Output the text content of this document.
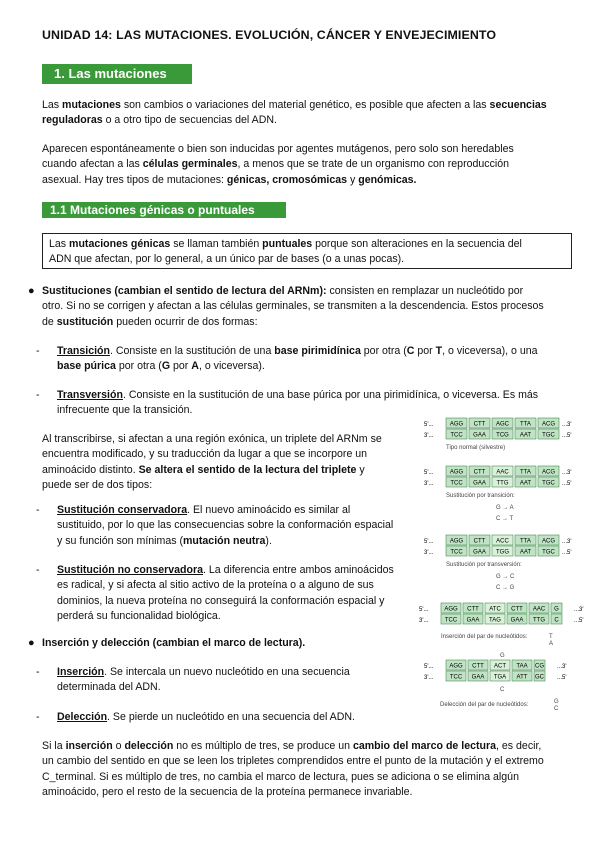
UNIDAD 14: LAS MUTACIONES. EVOLUCIÓN, CÁNCER Y ENVEJECIMIENTO
1. Las mutaciones
Las mutaciones son cambios o variaciones del material genético, es posible que afecten a las secuencias
reguladoras o a otro tipo de secuencias del ADN.
Aparecen espontáneamente o bien son inducidas por agentes mutágenos, pero solo son heredables
cuando afectan a las células germinales, a menos que se trate de un organismo con reproducción
asexual. Hay tres tipos de mutaciones: génicas, cromosómicas y genómicas.
1.1 Mutaciones génicas o puntuales
Las mutaciones génicas se llaman también puntuales porque son alteraciones en la secuencia del
ADN que afectan, por lo general, a un único par de bases (o a unas pocas).
● Sustituciones (cambian el sentido de lectura del ARNm): consisten en remplazar un nucleótido por
otro. Si no se corrigen y afectan a las células germinales, se transmiten a la descendencia. Estos procesos
de sustitución pueden ocurrir de dos formas:
- Transición. Consiste en la sustitución de una base pirimidínica por otra (C por T, o viceversa), o una
base púrica por otra (G por A, o viceversa).
- Transversión. Consiste en la sustitución de una base púrica por una pirimidínica, o viceversa. Es más
infrecuente que la transición.
Al transcribirse, si afectan a una región exónica, un triplete del ARNm se
encuentra modificado, y su traducción da lugar a que se incorpore un
aminoácido distinto. Se altera el sentido de la lectura del triplete y
puede ser de dos tipos:
- Sustitución conservadora. El nuevo aminoácido es similar al
sustituido, por lo que las consecuencias sobre la conformación espacial
y su función son mínimas (mutación neutra).
- Sustitución no conservadora. La diferencia entre ambos aminoácidos
es radical, y si afecta al sitio activo de la proteína o a alguno de sus
dominios, la nueva proteína no conseguirá la conformación espacial y
perderá su funcionalidad biológica.
● Inserción y delección (cambian el marco de lectura).
- Inserción. Se intercala un nuevo nucleótido en una secuencia
determinada del ADN.
- Delección. Se pierde un nucleótido en una secuencia del ADN.
Si la inserción o delección no es múltiplo de tres, se produce un cambio del marco de lectura, es decir,
un cambio del sentido en que se leen los tripletes comprendidos entre el punto de la mutación y el extremo
C_terminal. Si es múltiplo de tres, no cambia el marco de lectura, pues se adiciona o se elimina algún
aminoácido, pero el resto de la secuencia de la proteína permanece invariable.
5'...
3'...
AGG
TCC
CTT
GAA
AGC
TCG
TTA
AAT
ACG
TGC
...3'
...5'
Tipo normal (silvestre)
5'...
3'...
AGG
TCC
CTT
GAA
AAC
TTG
TTA
AAT
ACG
TGC
...3'
...5'
Sustitución por transición:
G → A
C → T
5'...
3'...
AGG
TCC
CTT
GAA
ACC
TGG
TTA
AAT
ACG
TGC
...3'
...5'
Sustitución por transversión:
G → C
C → G
5'...
3'...
AGG
TCC
CTT
GAA
ATC
TAG
CTT
GAA
AAC
TTG
G
C
...3'
...5'
Inserción del par de nucleótidos:	T
A
G
5'...
3'...
AGG
TCC
CTT
GAA
ACT
TGA
TAA
ATT
CG
GC
...3'
...5'
C
Delección del par de nucleótidos:	G
C
